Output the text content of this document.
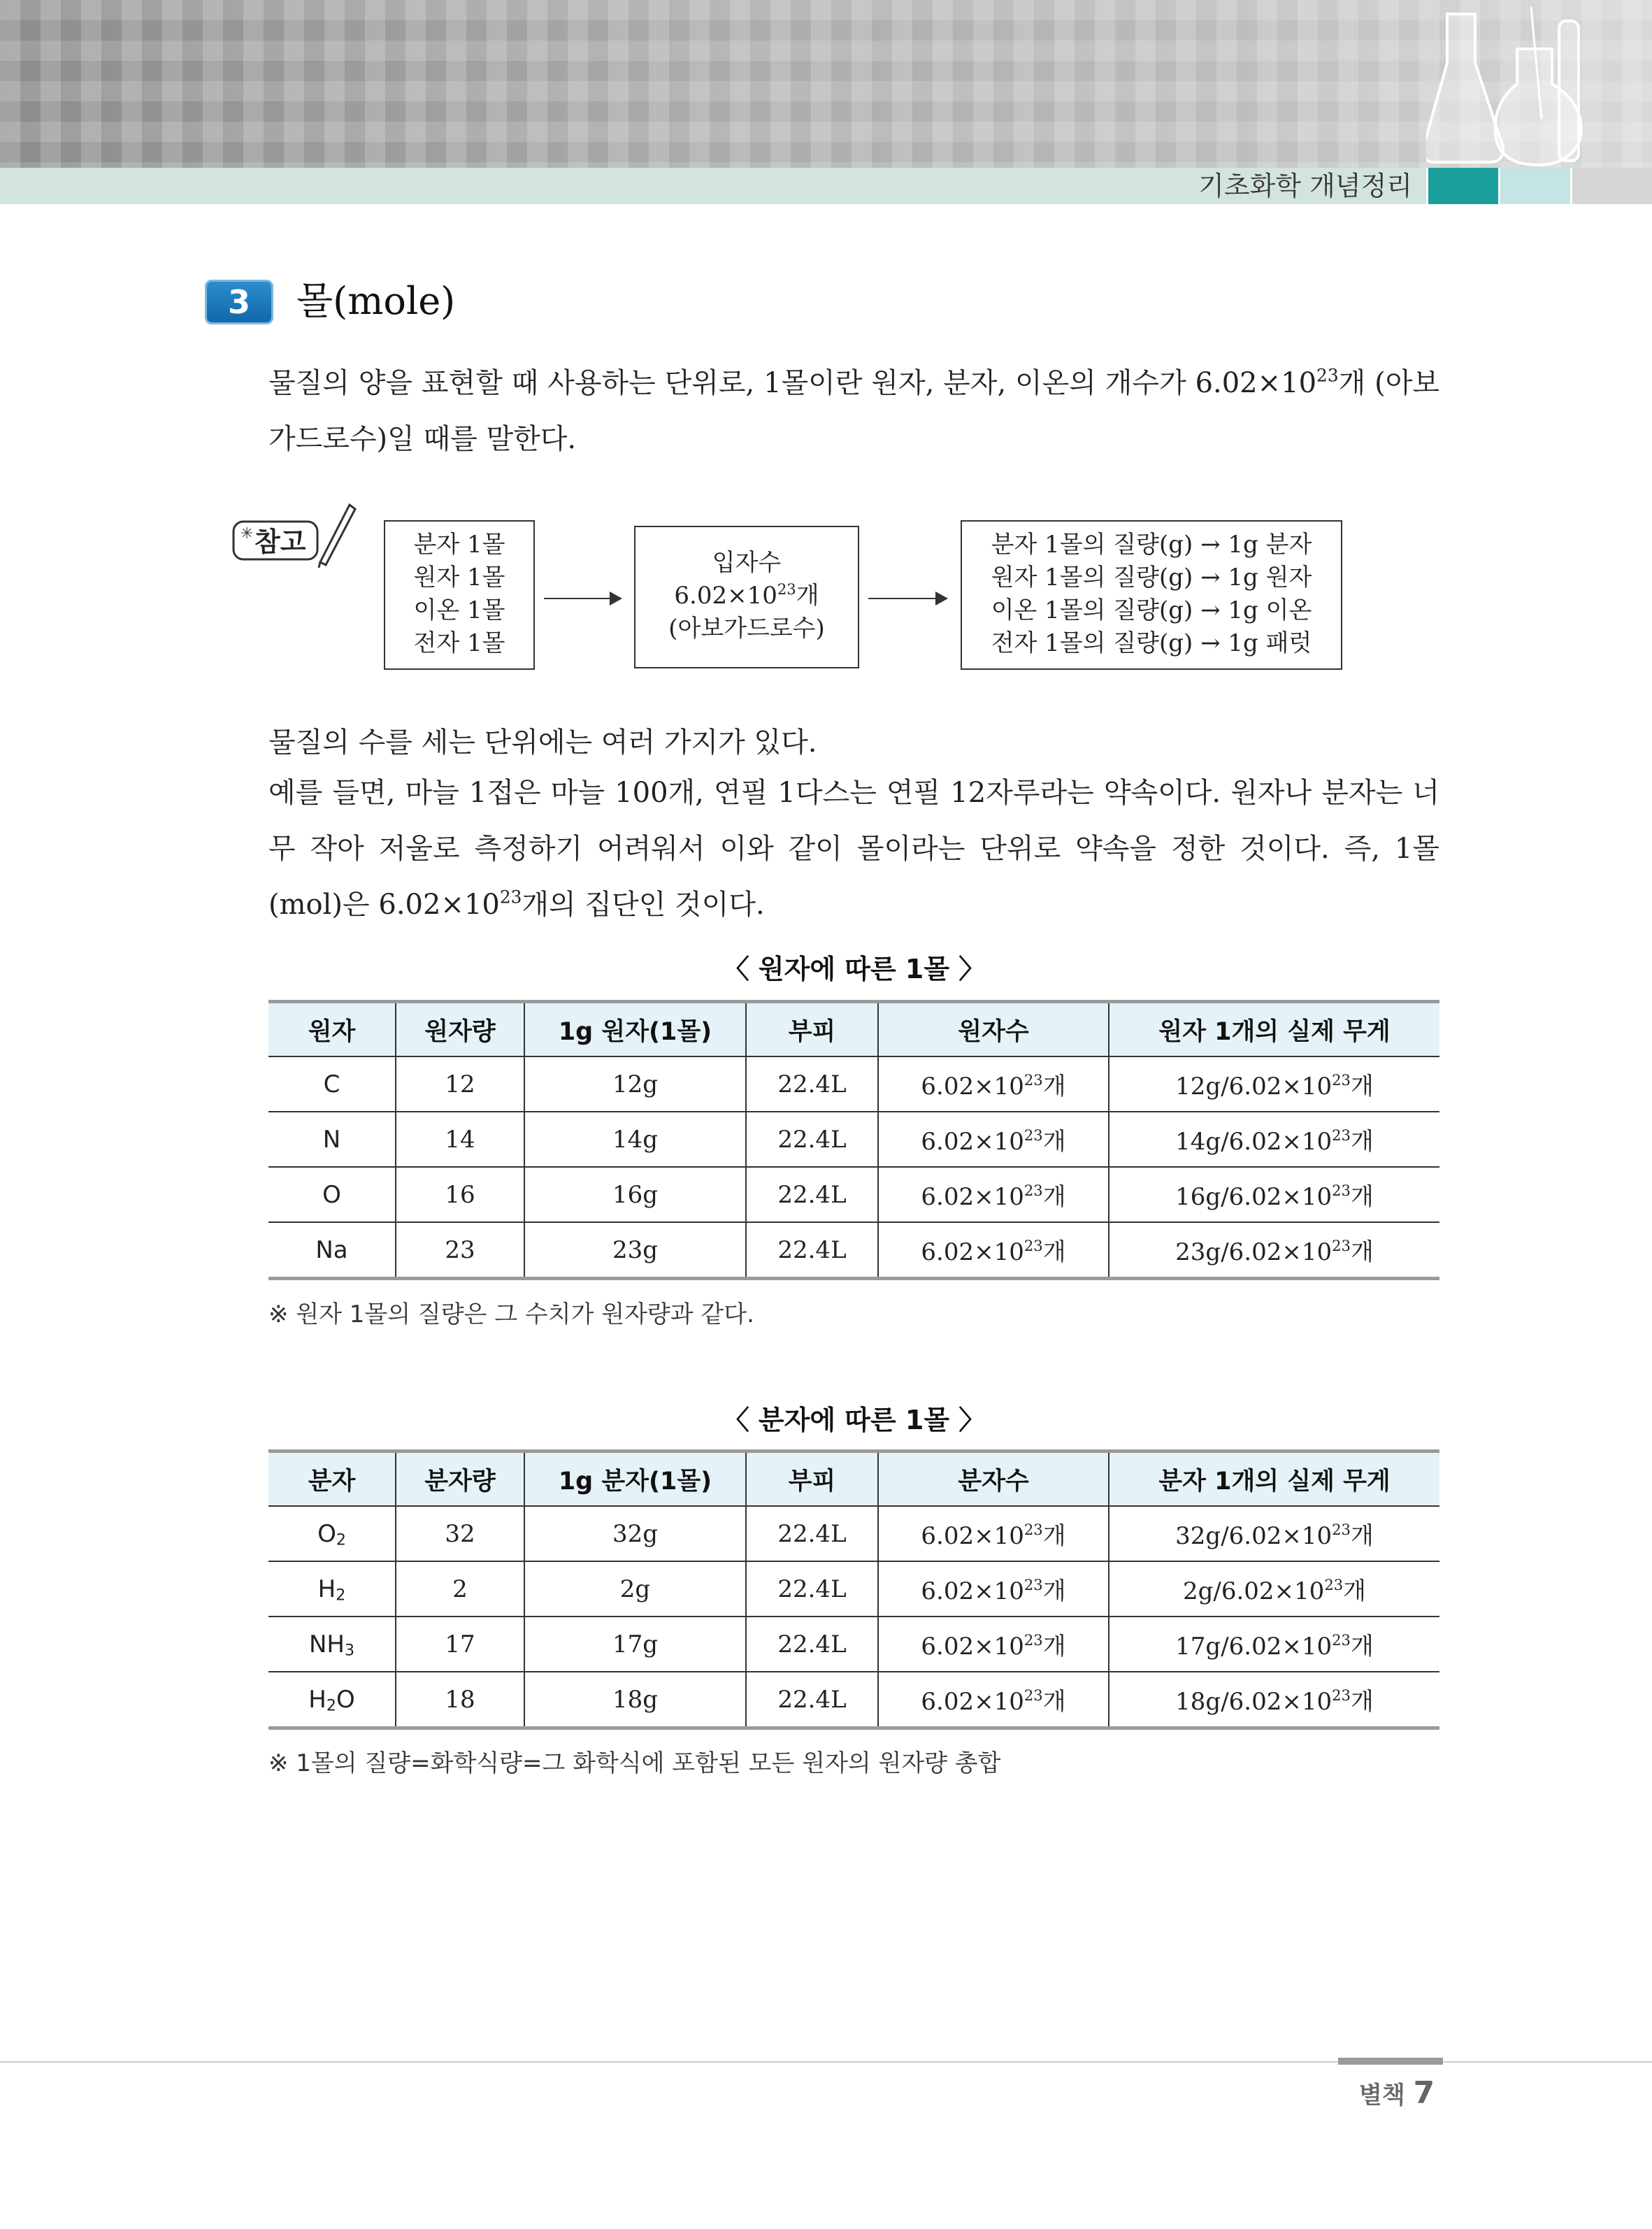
기초화학 개념정리
3	몰(mole)
물질의 양을 표현할 때 사용하는 단위로, 1몰이란 원자, 분자, 이온의 개수가 $6.02\times 10^{23}$개 (아보가드로수)일 때를 말한다.
✳ 참고	분자 1몰
원자 1몰
이온 1몰
전자 1몰
입자수
$6.02\times 10^{23}$개
(아보가드로수)
분자 1몰의 질량(g) → 1g 분자
원자 1몰의 질량(g) → 1g 원자
이온 1몰의 질량(g) → 1g 이온
전자 1몰의 질량(g) → 1g 패럿
물질의 수를 세는 단위에는 여러 가지가 있다.
예를 들면, 마늘 1접은 마늘 100개, 연필 1다스는 연필 12자루라는 약속이다. 원자나 분자는 너무 작아 저울로 측정하기 어려워서 이와 같이 몰이라는 단위로 약속을 정한 것이다. 즉, 1몰 (mol)은 $6.02\times 10^{23}$개의 집단인 것이다.
〈 원자에 따른 1몰 〉
원자	원자량	1g 원자(1몰)	부피	원자수	원자 1개의 실제 무게
C	12	12g	22.4L	$6.02\times 10^{23}$개	$12g/6.02\times 10^{23}$개
N	14	14g	22.4L	$6.02\times 10^{23}$개	$14g/6.02\times 10^{23}$개
O	16	16g	22.4L	$6.02\times 10^{23}$개	$16g/6.02\times 10^{23}$개
Na	23	23g	22.4L	$6.02\times 10^{23}$개	$23g/6.02\times 10^{23}$개
※ 원자 1몰의 질량은 그 수치가 원자량과 같다.
〈 분자에 따른 1몰 〉
분자	분자량	1g 분자(1몰)	부피	분자수	분자 1개의 실제 무게
$O_2$	32	32g	22.4L	$6.02\times 10^{23}$개	$32g/6.02\times 10^{23}$개
$H_2$	2	2g	22.4L	$6.02\times 10^{23}$개	$2g/6.02\times 10^{23}$개
$NH_3$	17	17g	22.4L	$6.02\times 10^{23}$개	$17g/6.02\times 10^{23}$개
$H_2O$	18	18g	22.4L	$6.02\times 10^{23}$개	$18g/6.02\times 10^{23}$개
※ 1몰의 질량=화학식량=그 화학식에 포함된 모든 원자의 원자량 총합
별책 7
